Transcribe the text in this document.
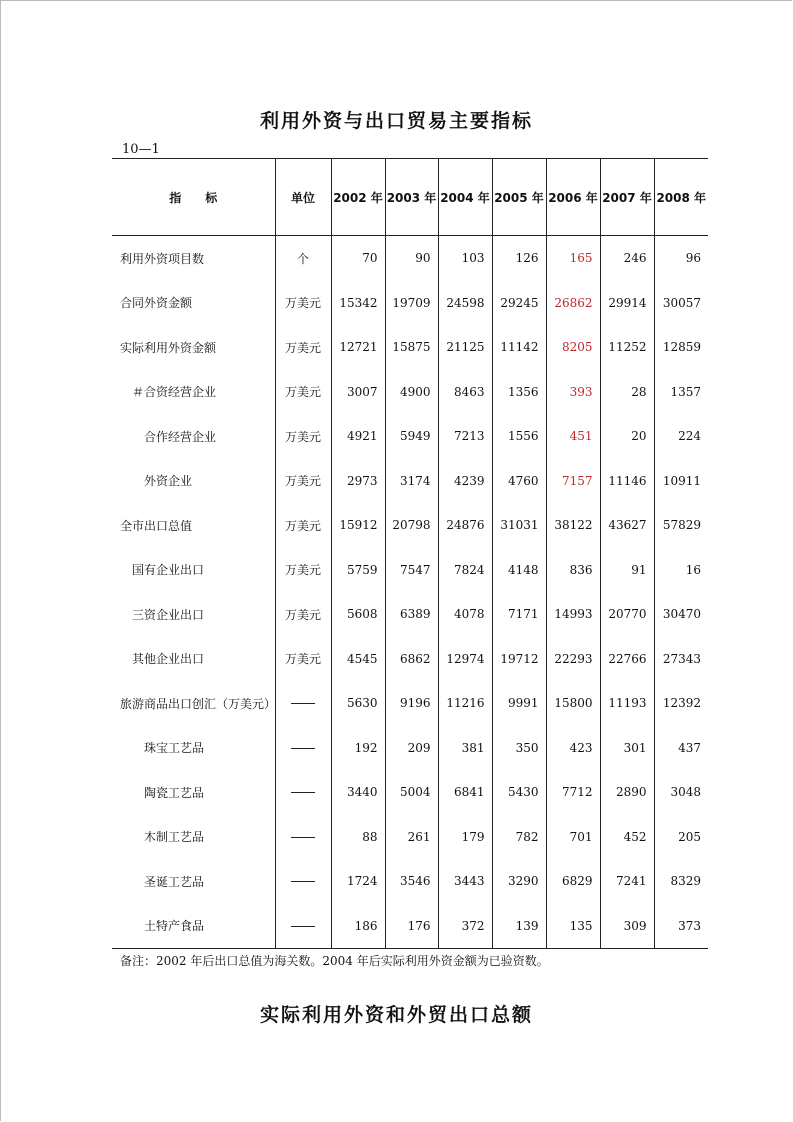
利用外资与出口贸易主要指标
10—1
指　　标	单位	2002 年	2003 年	2004 年	2005 年	2006 年	2007 年	2008 年
利用外资项目数	个	70	90	103	126	165	246	96
合同外资金额	万美元	15342	19709	24598	29245	26862	29914	30057
实际利用外资金额	万美元	12721	15875	21125	11142	8205	11252	12859
＃合资经营企业	万美元	3007	4900	8463	1356	393	28	1357
合作经营企业	万美元	4921	5949	7213	1556	451	20	224
外资企业	万美元	2973	3174	4239	4760	7157	11146	10911
全市出口总值	万美元	15912	20798	24876	31031	38122	43627	57829
国有企业出口	万美元	5759	7547	7824	4148	836	91	16
三资企业出口	万美元	5608	6389	4078	7171	14993	20770	30470
其他企业出口	万美元	4545	6862	12974	19712	22293	22766	27343
旅游商品出口创汇（万美元）		5630	9196	11216	9991	15800	11193	12392
珠宝工艺品		192	209	381	350	423	301	437
陶瓷工艺品		3440	5004	6841	5430	7712	2890	3048
木制工艺品		88	261	179	782	701	452	205
圣诞工艺品		1724	3546	3443	3290	6829	7241	8329
土特产食品		186	176	372	139	135	309	373
备注：2002 年后出口总值为海关数。2004 年后实际利用外资金额为已验资数。
实际利用外资和外贸出口总额
